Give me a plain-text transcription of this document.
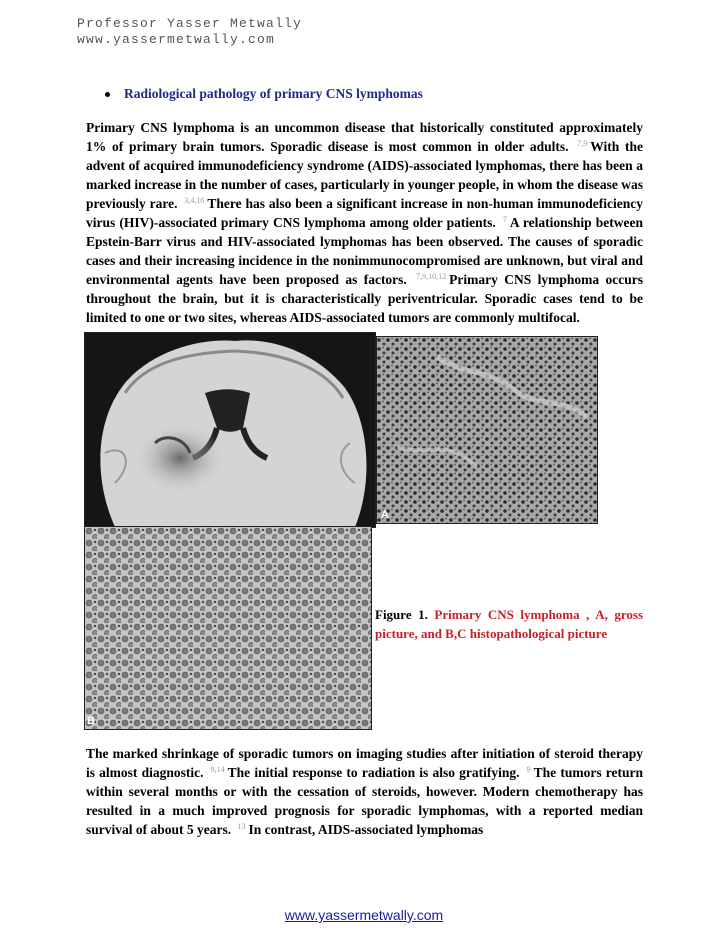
Professor Yasser Metwally
www.yassermetwally.com
Radiological pathology of primary CNS lymphomas
Primary CNS lymphoma is an uncommon disease that historically constituted approximately 1% of primary brain tumors. Sporadic disease is most common in older adults. $^{7,9}$ With the advent of acquired immunodeficiency syndrome (AIDS)-associated lymphomas, there has been a marked increase in the number of cases, particularly in younger people, in whom the disease was previously rare. $^{3,4,16}$ There has also been a significant increase in non-human immunodeficiency virus (HIV)-associated primary CNS lymphoma among older patients. $^7$ A relationship between Epstein-Barr virus and HIV-associated lymphomas has been observed. The causes of sporadic cases and their increasing incidence in the nonimmunocompromised are unknown, but viral and environmental agents have been proposed as factors. $^{7,9,10,12}$ Primary CNS lymphoma occurs throughout the brain, but it is characteristically periventricular. Sporadic cases tend to be limited to one or two sites, whereas AIDS-associated tumors are commonly multifocal.
A
B
Figure 1. Primary CNS lymphoma , A, gross picture, and B,C histopathological picture
The marked shrinkage of sporadic tumors on imaging studies after initiation of steroid therapy is almost diagnostic. $^{9,14}$ The initial response to radiation is also gratifying. $^9$ The tumors return within several months or with the cessation of steroids, however. Modern chemotherapy has resulted in a much improved prognosis for sporadic lymphomas, with a reported median survival of about 5 years. $^{13}$ In contrast, AIDS-associated lymphomas
www.yassermetwally.com
